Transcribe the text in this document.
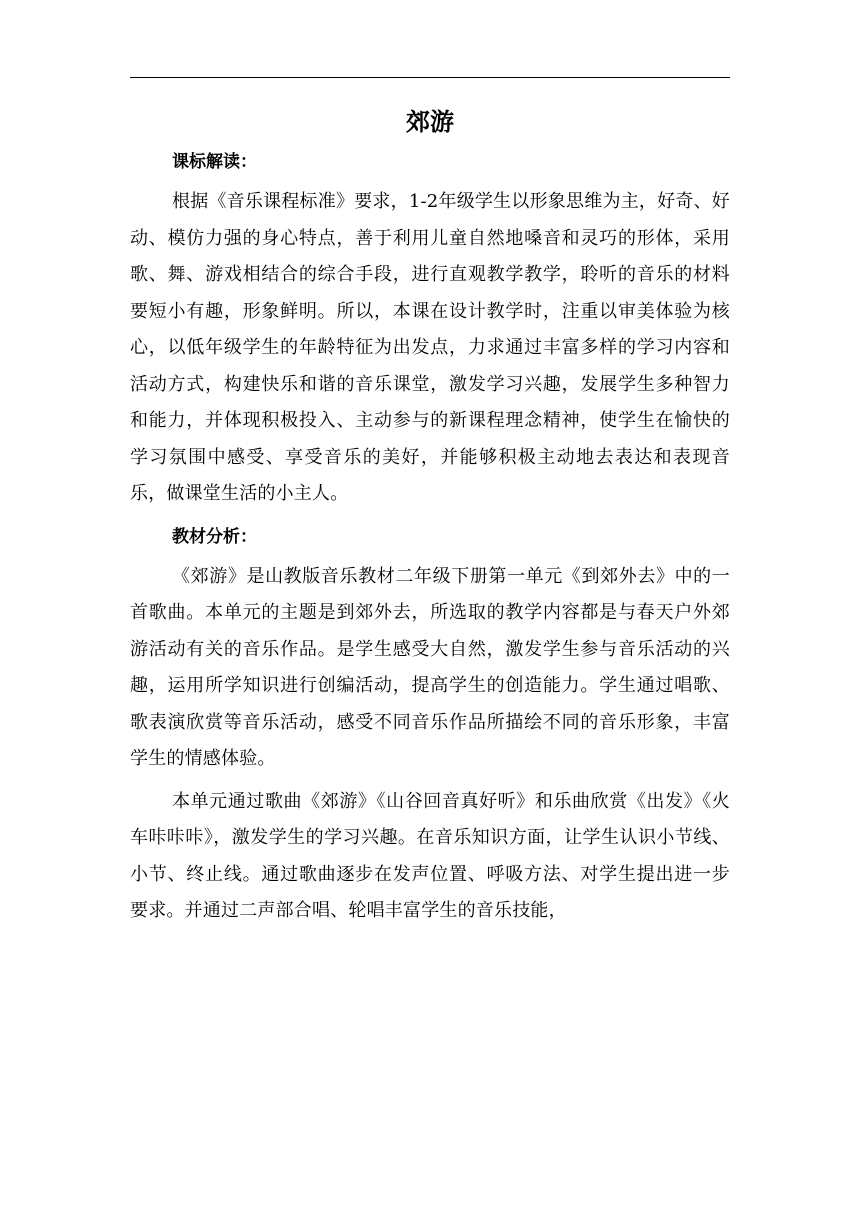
郊游
课标解读：

根据《音乐课程标准》要求，1-2年级学生以形象思维为主，好奇、好动、模仿力强的身心特点，善于利用儿童自然地嗓音和灵巧的形体，采用歌、舞、游戏相结合的综合手段，进行直观教学教学，聆听的音乐的材料要短小有趣，形象鲜明。所以，本课在设计教学时，注重以审美体验为核心，以低年级学生的年龄特征为出发点，力求通过丰富多样的学习内容和活动方式，构建快乐和谐的音乐课堂，激发学习兴趣，发展学生多种智力和能力，并体现积极投入、主动参与的新课程理念精神，使学生在愉快的学习氛围中感受、享受音乐的美好，并能够积极主动地去表达和表现音乐，做课堂生活的小主人。

教材分析：

《郊游》是山教版音乐教材二年级下册第一单元《到郊外去》中的一首歌曲。本单元的主题是到郊外去，所选取的教学内容都是与春天户外郊游活动有关的音乐作品。是学生感受大自然，激发学生参与音乐活动的兴趣，运用所学知识进行创编活动，提高学生的创造能力。学生通过唱歌、歌表演欣赏等音乐活动，感受不同音乐作品所描绘不同的音乐形象，丰富学生的情感体验。

本单元通过歌曲《郊游》《山谷回音真好听》和乐曲欣赏《出发》《火车咔咔咔》，激发学生的学习兴趣。在音乐知识方面，让学生认识小节线、小节、终止线。通过歌曲逐步在发声位置、呼吸方法、对学生提出进一步要求。并通过二声部合唱、轮唱丰富学生的音乐技能，
